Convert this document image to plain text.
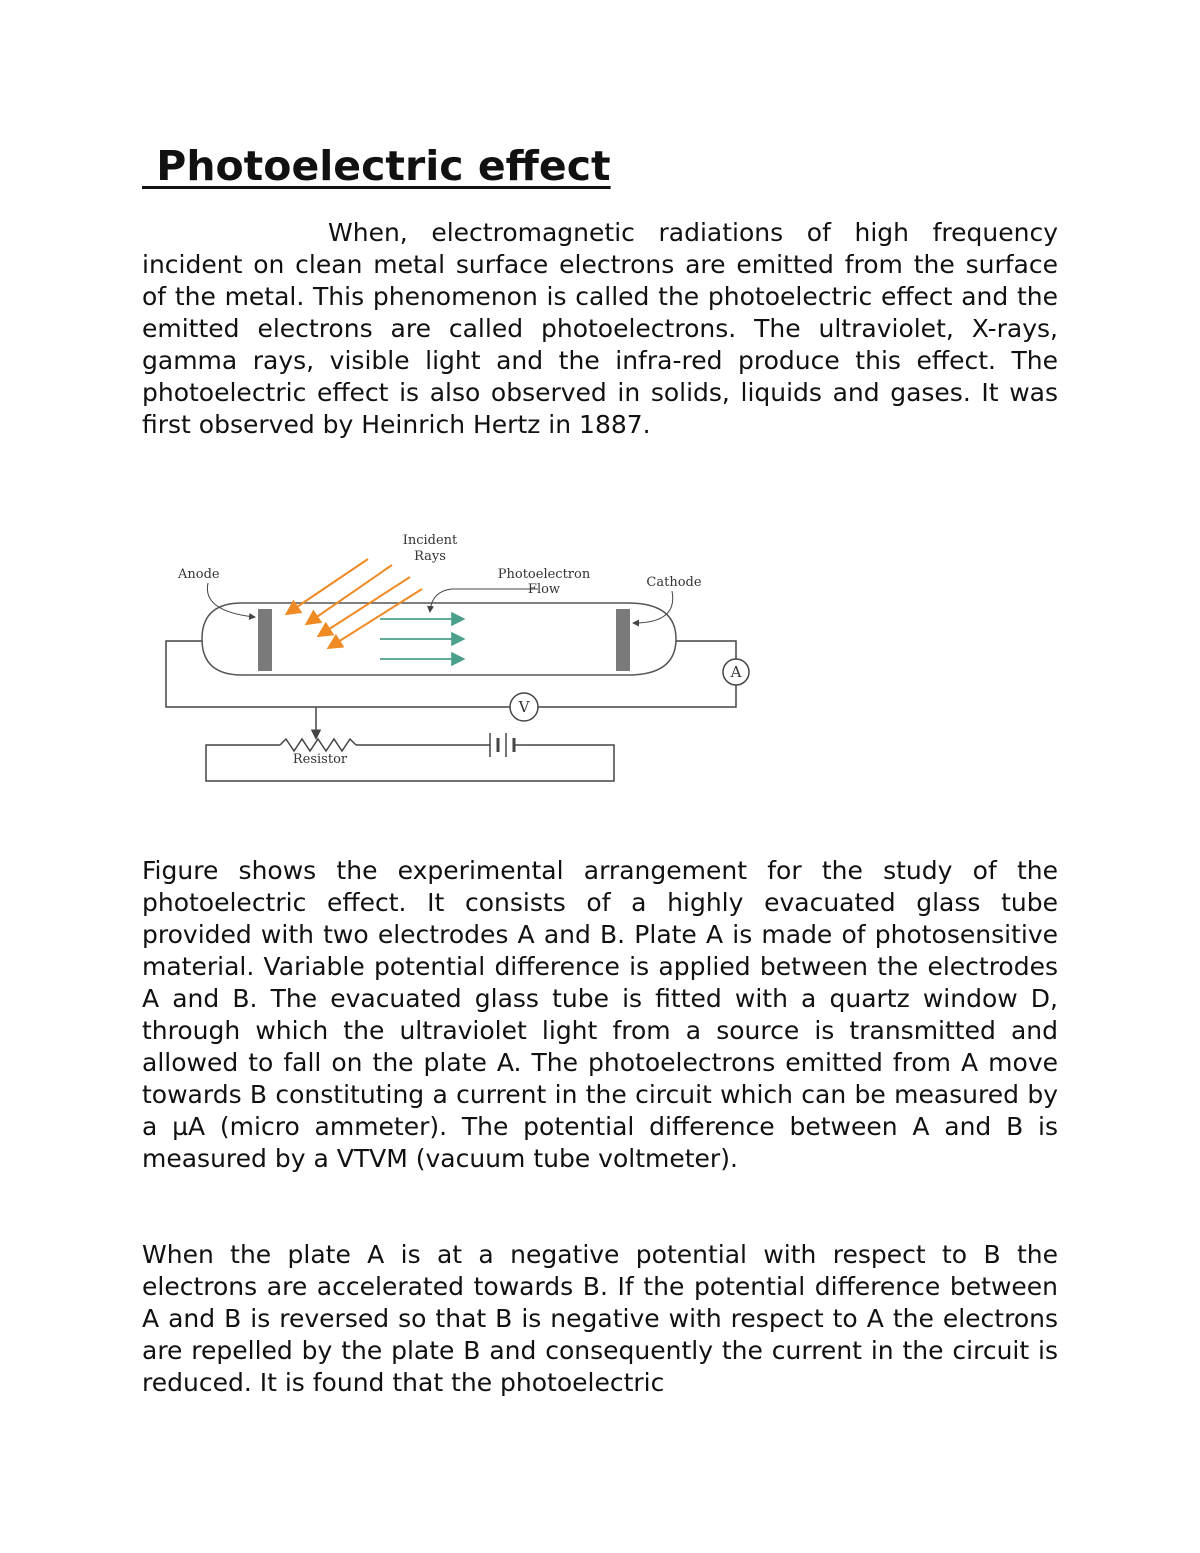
Photoelectric effect

When, electromagnetic radiations of high frequency incident on clean metal surface electrons are emitted from the surface of the metal. This phenomenon is called the photoelectric effect and the emitted electrons are called photoelectrons. The ultraviolet, X-rays, gamma rays, visible light and the infra-red produce this effect. The photoelectric effect is also observed in solids, liquids and gases. It was first observed by Heinrich Hertz in 1887.

A
V
Incident
Rays
Anode	Photoelectron
Flow	Cathode
Resistor

Figure shows the experimental arrangement for the study of the photoelectric effect. It consists of a highly evacuated glass tube provided with two electrodes A and B. Plate A is made of photosensitive material. Variable potential difference is applied between the electrodes A and B. The evacuated glass tube is fitted with a quartz window D, through which the ultraviolet light from a source is transmitted and allowed to fall on the plate A. The photoelectrons emitted from A move towards B constituting a current in the circuit which can be measured by a µA (micro ammeter). The potential difference between A and B is measured by a VTVM (vacuum tube voltmeter).

When the plate A is at a negative potential with respect to B the electrons are accelerated towards B. If the potential difference between A and B is reversed so that B is negative with respect to A the electrons are repelled by the plate B and consequently the current in the circuit is reduced. It is found that the photoelectric
